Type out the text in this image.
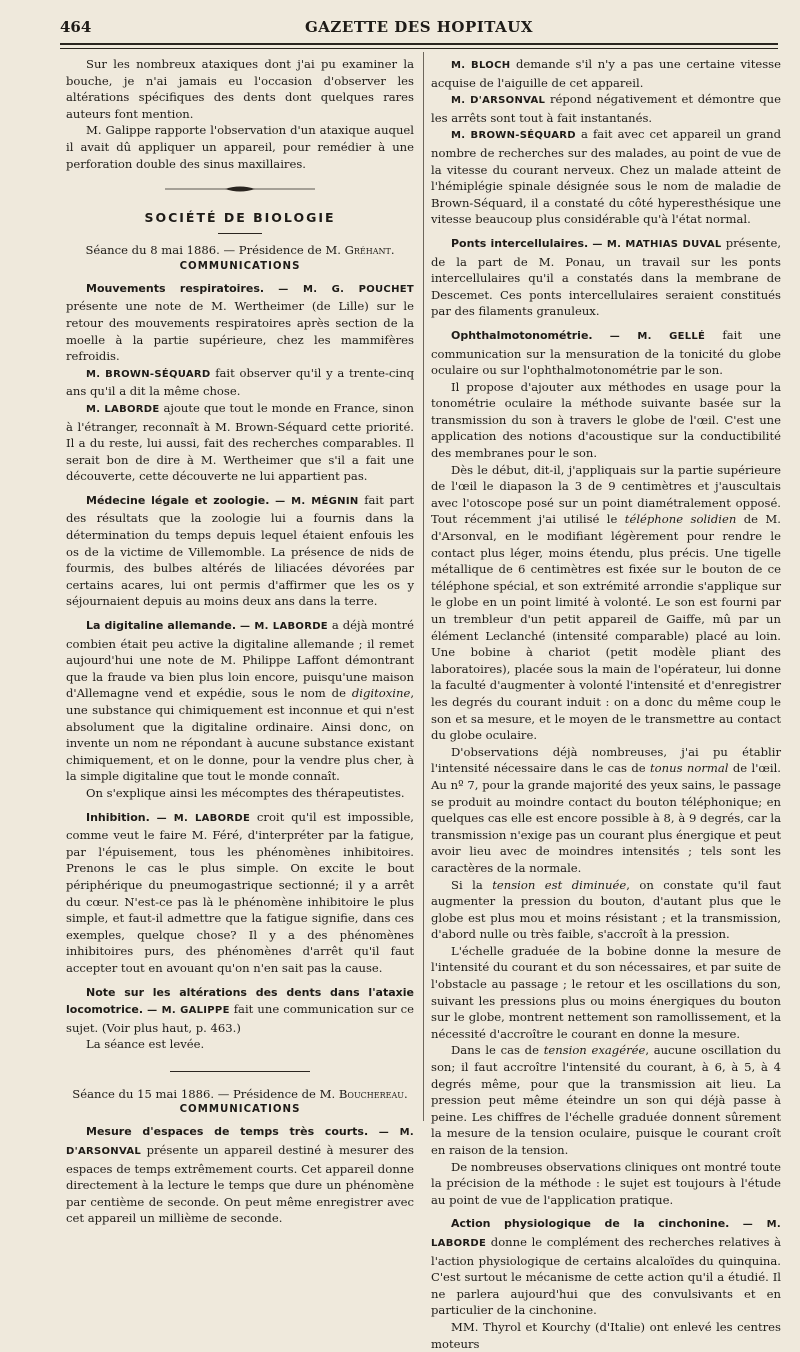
464	GAZETTE DES HOPITAUX

Sur les nombreux ataxiques dont j'ai pu examiner la bouche, je n'ai jamais eu l'occasion d'observer les altérations spécifiques des dents dont quelques rares auteurs font mention.

M. Galippe rapporte l'observation d'un ataxique auquel il avait dû appliquer un appareil, pour remédier à une perforation double des sinus maxillaires.

SOCIÉTÉ DE BIOLOGIE

Séance du 8 mai 1886. — Présidence de M. Gréhant.

COMMUNICATIONS

Mouvements respiratoires. — M. G. POUCHET présente une note de M. Wertheimer (de Lille) sur le retour des mouvements respiratoires après section de la moelle à la partie supérieure, chez les mammifères refroidis.

M. BROWN-SÉQUARD fait observer qu'il y a trente-cinq ans qu'il a dit la même chose.

M. LABORDE ajoute que tout le monde en France, sinon à l'étranger, reconnaît à M. Brown-Séquard cette priorité. Il a du reste, lui aussi, fait des recherches comparables. Il serait bon de dire à M. Wertheimer que s'il a fait une découverte, cette découverte ne lui appartient pas.

Médecine légale et zoologie. — M. MÉGNIN fait part des résultats que la zoologie lui a fournis dans la détermination du temps depuis lequel étaient enfouis les os de la victime de Villemomble. La présence de nids de fourmis, des bulbes altérés de liliacées dévorées par certains acares, lui ont permis d'affirmer que les os y séjournaient depuis au moins deux ans dans la terre.

La digitaline allemande. — M. LABORDE a déjà montré combien était peu active la digitaline allemande ; il remet aujourd'hui une note de M. Philippe Laffont démontrant que la fraude va bien plus loin encore, puisqu'une maison d'Allemagne vend et expédie, sous le nom de digitoxine, une substance qui chimiquement est inconnue et qui n'est absolument que la digitaline ordinaire. Ainsi donc, on invente un nom ne répondant à aucune substance existant chimiquement, et on le donne, pour la vendre plus cher, à la simple digitaline que tout le monde connaît.

On s'explique ainsi les mécomptes des thérapeutistes.

Inhibition. — M. LABORDE croit qu'il est impossible, comme veut le faire M. Féré, d'interpréter par la fatigue, par l'épuisement, tous les phénomènes inhibitoires. Prenons le cas le plus simple. On excite le bout périphérique du pneumogastrique sectionné; il y a arrêt du cœur. N'est-ce pas là le phénomène inhibitoire le plus simple, et faut-il admettre que la fatigue signifie, dans ces exemples, quelque chose? Il y a des phénomènes inhibitoires purs, des phénomènes d'arrêt qu'il faut accepter tout en avouant qu'on n'en sait pas la cause.

Note sur les altérations des dents dans l'ataxie locomotrice. — M. GALIPPE fait une communication sur ce sujet. (Voir plus haut, p. 463.)

La séance est levée.

Séance du 15 mai 1886. — Présidence de M. Bouchereau.

COMMUNICATIONS

Mesure d'espaces de temps très courts. — M. D'ARSONVAL présente un appareil destiné à mesurer des espaces de temps extrêmement courts. Cet appareil donne directement à la lecture le temps que dure un phénomène par centième de seconde. On peut même enregistrer avec cet appareil un millième de seconde.

M. BLOCH demande s'il n'y a pas une certaine vitesse acquise de l'aiguille de cet appareil.

M. D'ARSONVAL répond négativement et démontre que les arrêts sont tout à fait instantanés.

M. BROWN-SÉQUARD a fait avec cet appareil un grand nombre de recherches sur des malades, au point de vue de la vitesse du courant nerveux. Chez un malade atteint de l'hémiplégie spinale désignée sous le nom de maladie de Brown-Séquard, il a constaté du côté hyperesthésique une vitesse beaucoup plus considérable qu'à l'état normal.

Ponts intercellulaires. — M. MATHIAS DUVAL présente, de la part de M. Ponau, un travail sur les ponts intercellulaires qu'il a constatés dans la membrane de Descemet. Ces ponts intercellulaires seraient constitués par des filaments granuleux.

Ophthalmotonométrie. — M. GELLÉ fait une communication sur la mensuration de la tonicité du globe oculaire ou sur l'ophthalmotonométrie par le son.

Il propose d'ajouter aux méthodes en usage pour la tonométrie oculaire la méthode suivante basée sur la transmission du son à travers le globe de l'œil. C'est une application des notions d'acoustique sur la conductibilité des membranes pour le son.

Dès le début, dit-il, j'appliquais sur la partie supérieure de l'œil le diapason la 3 de 9 centimètres et j'auscultais avec l'otoscope posé sur un point diamétralement opposé. Tout récemment j'ai utilisé le téléphone solidien de M. d'Arsonval, en le modifiant légèrement pour rendre le contact plus léger, moins étendu, plus précis. Une tigelle métallique de 6 centimètres est fixée sur le bouton de ce téléphone spécial, et son extrémité arrondie s'applique sur le globe en un point limité à volonté. Le son est fourni par un trembleur d'un petit appareil de Gaiffe, mû par un élément Leclanché (intensité comparable) placé au loin. Une bobine à chariot (petit modèle pliant des laboratoires), placée sous la main de l'opérateur, lui donne la faculté d'augmenter à volonté l'intensité et d'enregistrer les degrés du courant induit : on a donc du même coup le son et sa mesure, et le moyen de le transmettre au contact du globe oculaire.

D'observations déjà nombreuses, j'ai pu établir l'intensité nécessaire dans le cas de tonus normal de l'œil. Au nº 7, pour la grande majorité des yeux sains, le passage se produit au moindre contact du bouton téléphonique; en quelques cas elle est encore possible à 8, à 9 degrés, car la transmission n'exige pas un courant plus énergique et peut avoir lieu avec de moindres intensités ; tels sont les caractères de la normale.

Si la tension est diminuée, on constate qu'il faut augmenter la pression du bouton, d'autant plus que le globe est plus mou et moins résistant ; et la transmission, d'abord nulle ou très faible, s'accroît à la pression.

L'échelle graduée de la bobine donne la mesure de l'intensité du courant et du son nécessaires, et par suite de l'obstacle au passage ; le retour et les oscillations du son, suivant les pressions plus ou moins énergiques du bouton sur le globe, montrent nettement son ramollissement, et la nécessité d'accroître le courant en donne la mesure.

Dans le cas de tension exagérée, aucune oscillation du son; il faut accroître l'intensité du courant, à 6, à 5, à 4 degrés même, pour que la transmission ait lieu. La pression peut même éteindre un son qui déjà passe à peine. Les chiffres de l'échelle graduée donnent sûrement la mesure de la tension oculaire, puisque le courant croît en raison de la tension.

De nombreuses observations cliniques ont montré toute la précision de la méthode : le sujet est toujours à l'étude au point de vue de l'application pratique.

Action physiologique de la cinchonine. — M. LABORDE donne le complément des recherches relatives à l'action physiologique de certains alcaloïdes du quinquina. C'est surtout le mécanisme de cette action qu'il a étudié. Il ne parlera aujourd'hui que des convulsivants et en particulier de la cinchonine.

MM. Thyrol et Kourchy (d'Italie) ont enlevé les centres moteurs
